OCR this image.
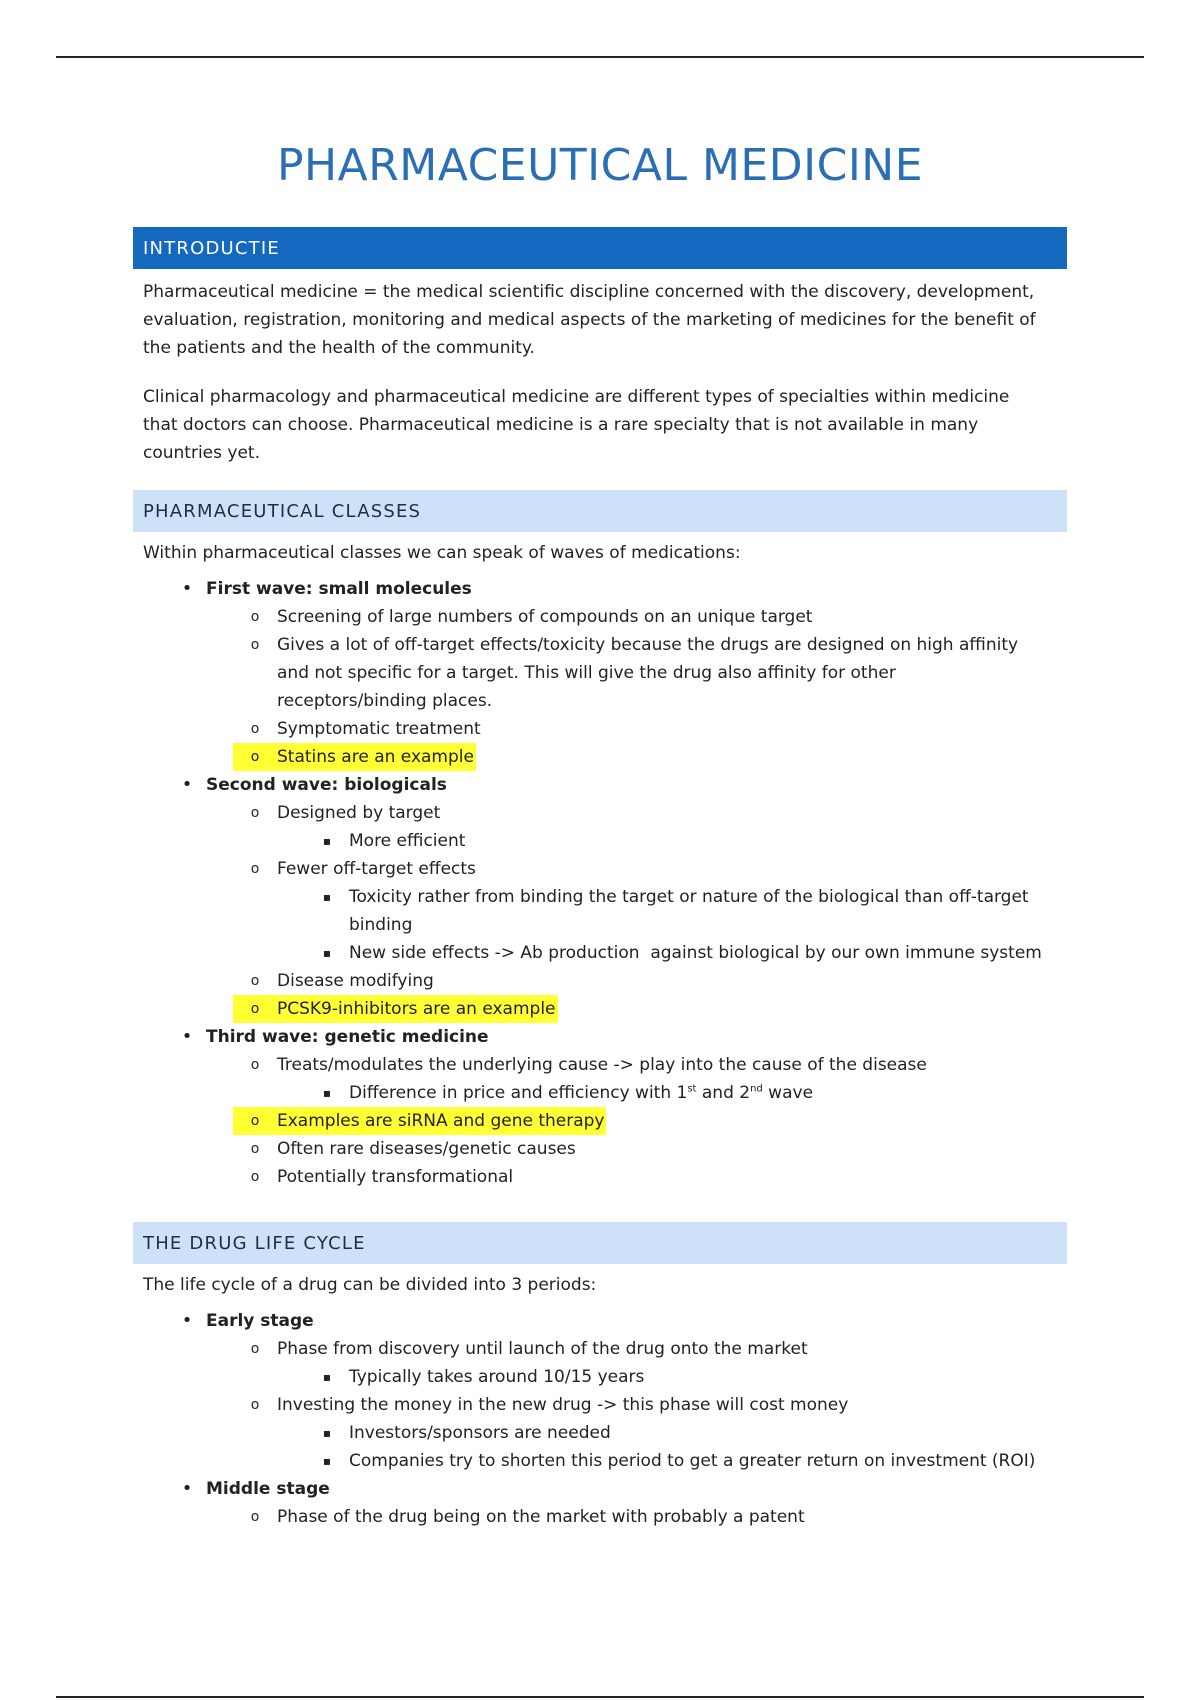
PHARMACEUTICAL MEDICINE
INTRODUCTIE
Pharmaceutical medicine = the medical scientific discipline concerned with the discovery, development,
evaluation, registration, monitoring and medical aspects of the marketing of medicines for the benefit of
the patients and the health of the community.
Clinical pharmacology and pharmaceutical medicine are different types of specialties within medicine
that doctors can choose. Pharmaceutical medicine is a rare specialty that is not available in many
countries yet.
PHARMACEUTICAL CLASSES
Within pharmaceutical classes we can speak of waves of medications:
• First wave: small molecules
o	Screening of large numbers of compounds on an unique target
o	Gives a lot of off-target effects/toxicity because the drugs are designed on high affinity
and not specific for a target. This will give the drug also affinity for other
receptors/binding places.
o	Symptomatic treatment
o	Statins are an example
• Second wave: biologicals
o	Designed by target
▪	More efficient
o	Fewer off-target effects
▪	Toxicity rather from binding the target or nature of the biological than off-target
binding
▪	New side effects -> Ab production  against biological by our own immune system
o	Disease modifying
o	PCSK9-inhibitors are an example
• Third wave: genetic medicine
o	Treats/modulates the underlying cause -> play into the cause of the disease
▪	Difference in price and efficiency with 1st and 2nd wave
o	Examples are siRNA and gene therapy
o	Often rare diseases/genetic causes
o	Potentially transformational
THE DRUG LIFE CYCLE
The life cycle of a drug can be divided into 3 periods:
• Early stage
o	Phase from discovery until launch of the drug onto the market
▪	Typically takes around 10/15 years
o	Investing the money in the new drug -> this phase will cost money
▪	Investors/sponsors are needed
▪	Companies try to shorten this period to get a greater return on investment (ROI)
• Middle stage
o	Phase of the drug being on the market with probably a patent
